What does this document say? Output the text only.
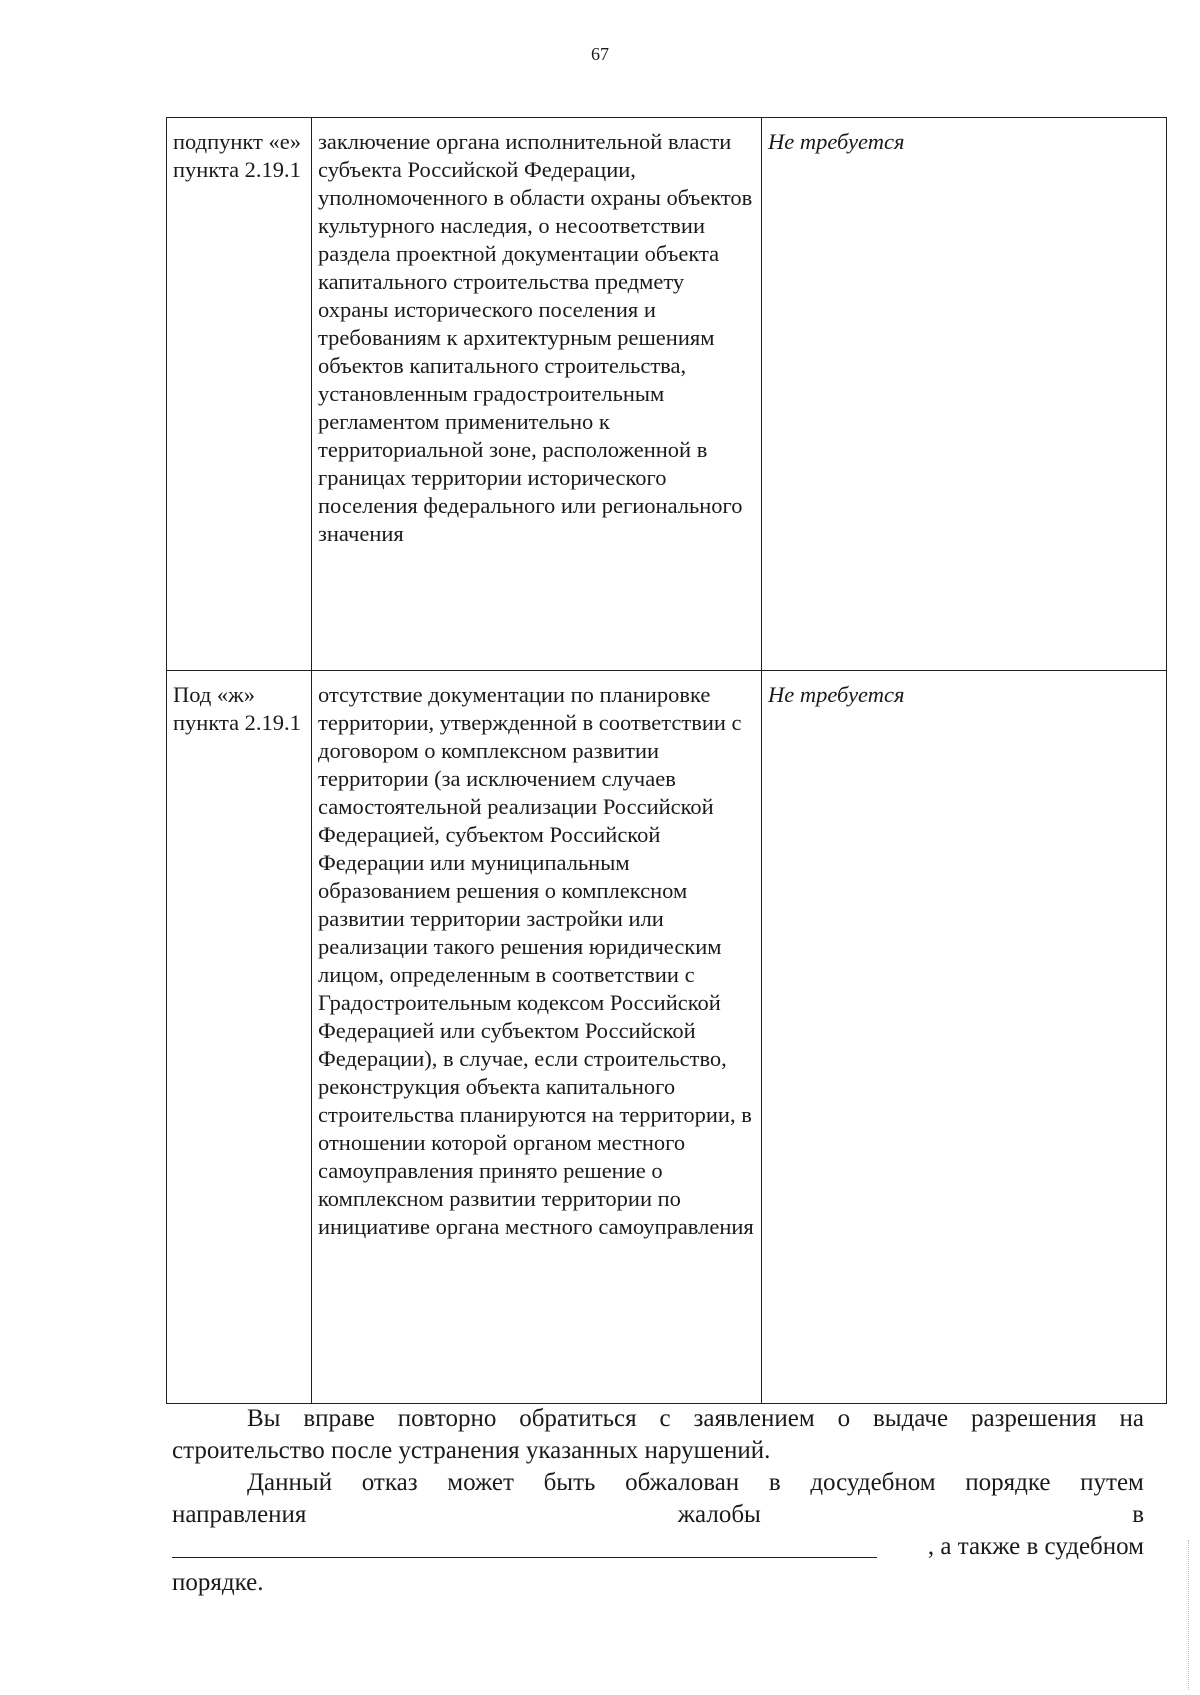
67
подпункт «е» пункта 2.19.1	заключение органа исполнительной власти субъекта Российской Федерации, уполномоченного в области охраны объектов культурного наследия, о несоответствии раздела проектной документации объекта капитального строительства предмету охраны исторического поселения и требованиям к архитектурным решениям объектов капитального строительства, установленным градостроительным регламентом применительно к территориальной зоне, расположенной в границах территории исторического поселения федерального или регионального значения	Не требуется
Под «ж» пункта 2.19.1	отсутствие документации по планировке территории, утвержденной в соответствии с договором о комплексном развитии территории (за исключением случаев самостоятельной реализации Российской Федерацией, субъектом Российской Федерации или муниципальным образованием решения о комплексном развитии территории застройки или реализации такого решения юридическим лицом, определенным в соответствии с Градостроительным кодексом Российской Федерацией или субъектом Российской Федерации), в случае, если строительство, реконструкция объекта капитального строительства планируются на территории, в отношении которой органом местного самоуправления принято решение о комплексном развитии территории по инициативе органа местного самоуправления	Не требуется

Вы вправе повторно обратиться с заявлением о выдаче разрешения на строительство после устранения указанных нарушений.

Данный отказ может быть обжалован в досудебном порядке путем
направления	жалобы	в
, а также в судебном

порядке.
